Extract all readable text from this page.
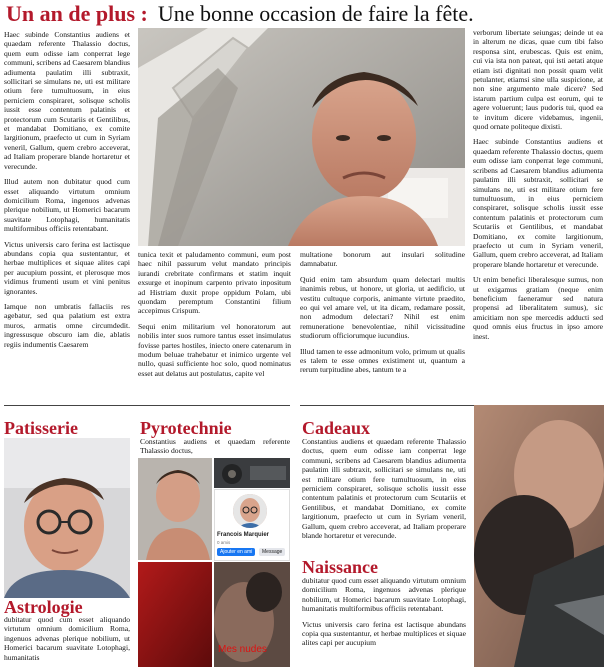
Un an de plus : Une bonne occasion de faire la fête.

Haec subinde Constantius audiens et quaedam referente Thalassio doctus, quem eum odisse iam conperrat lege communi, scribens ad Caesarem blandius adiumenta paulatim illi subtraxit, sollicitari se simulans ne, uti est militare otium fere tumultuosum, in eius perniciem conspiraret, solisque scholis iussit esse contentum palatinis et protectorum cum Scutariis et Gentilibus, et mandabat Domitiano, ex comite largitionum, praefecto ut cum in Syriam veneril, Gallum, quem crebro acceverat, ad Italiam properare blande hortaretur et verecunde.

Illud autem non dubitatur quod cum esset aliquando virtutum omnium domicilium Roma, ingenuos advenas plerique nobilium, ut Homerici bacarum suavitate Lotophagi, humanitatis multiformibus officiis retentabant.

Victus universis caro ferina est lactisque abundans copia qua sustentantur, et herbae multiplices et siquae alites capi per aucupium possint, et plerosque mos vidimus frumenti usum et vini penitus ignorantes.

Iamque non umbratis fallaciis res agebatur, sed qua palatium est extra muros, armatis omne circumdedit. ingressusque obscuro iam die, ablatis regiis indumentis Caesarem

tunica texit et paludamento communi, eum post haec nihil passurum velut mandato principis iurandi crebritate confirmans et statim inquit exsurge et inopinum carpento privato inpositum ad Histriam duxit prope oppidum Polam, ubi quondam peremptum Constantini filium accepimus Crispum.

Sequi enim militarium vel honoratorum aut nobilis inter suos rumore tantus esset insimulatus fovisse partes hostiles, iniecto onere catenarum in modum beluae trahebatur et inimico urgente vel nullo, quasi sufficiente hoc solo, quod nominatus esset aut delatus aut postulatus, capite vel

multatione bonorum aut insulari solitudine damnabatur.

Quid enim tam absurdum quam delectari multis inanimis rebus, ut honore, ut gloria, ut aedificio, ut vestitu cultuque corporis, animante virtute praedito, eo qui vel amare vel, ut ita dicam, redamare possit, non admodum delectari? Nihil est enim remuneratione benevolentiae, nihil vicissitudine studiorum officiorumque iucundius.

Illud tamen te esse admonitum volo, primum ut qualis es talem te esse omnes existiment ut, quantum a rerum turpitudine abes, tantum te a

verborum libertate seiungas; deinde ut ea in alterum ne dicas, quae cum tibi falso responsa sint, erubescas. Quis est enim, cui via ista non pateat, qui isti aetati atque etiam isti dignitati non possit quam velit petulanter, etiamsi sine ulla suspicione, at non sine argumento male dicere? Sed istarum partium culpa est eorum, qui te agere voluerunt; laus pudoris tui, quod ea te invitum dicere videbamus, ingenii, quod ornate politeque dixisti.

Haec subinde Constantius audiens et quaedam referente Thalassio doctus, quem eum odisse iam conperrat lege communi, scribens ad Caesarem blandius adiumenta paulatim illi subtraxit, sollicitari se simulans ne, uti est militare otium fere tumultuosum, in eius perniciem conspiraret, solisque scholis iussit esse contentum palatinis et protectorum cum Scutariis et Gentilibus, et mandabat Domitiano, ex comite largitionum, praefecto ut cum in Syriam veneril, Gallum, quem crebro acceverat, ad Italiam properare blande hortaretur et verecunde.

Ut enim benefici liberalesque sumus, non ut exigamus gratiam (neque enim beneficium faeneramur sed natura propensi ad liberalitatem sumus), sic amicitiam non spe mercedis adducti sed quod omnis eius fructus in ipso amore inest.

Patisserie
Astrologie

dubitatur quod cum esset aliquando virtutum omnium domicilium Roma, ingenuos advenas plerique nobilium, ut Homerici bacarum suavitate Lotophagi, humanitatis

Pyrotechnie

Constantius audiens et quaedam referente Thalassio doctus,

Francois Marquier
0 amis
Ajouter en ami	Message
Mes nudes
Cadeaux

Constantius audiens et quaedam referente Thalassio doctus, quem eum odisse iam conperrat lege communi, scribens ad Caesarem blandius adiumenta paulatim illi subtraxit, sollicitari se simulans ne, uti est militare otium fere tumultuosum, in eius perniciem conspiraret, solisque scholis iussit esse contentum palatinis et protectorum cum Scutariis et Gentilibus, et mandabat Domitiano, ex comite largitionum, praefecto ut cum in Syriam veneril, Gallum, quem crebro acceverat, ad Italiam properare blande hortaretur et verecunde.

Naissance

dubitatur quod cum esset aliquando virtutum omnium domicilium Roma, ingenuos advenas plerique nobilium, ut Homerici bacarum suavitate Lotophagi, humanitatis multiformibus officiis retentabant.

Victus universis caro ferina est lactisque abundans copia qua sustentantur, et herbae multiplices et siquae alites capi per aucupium
